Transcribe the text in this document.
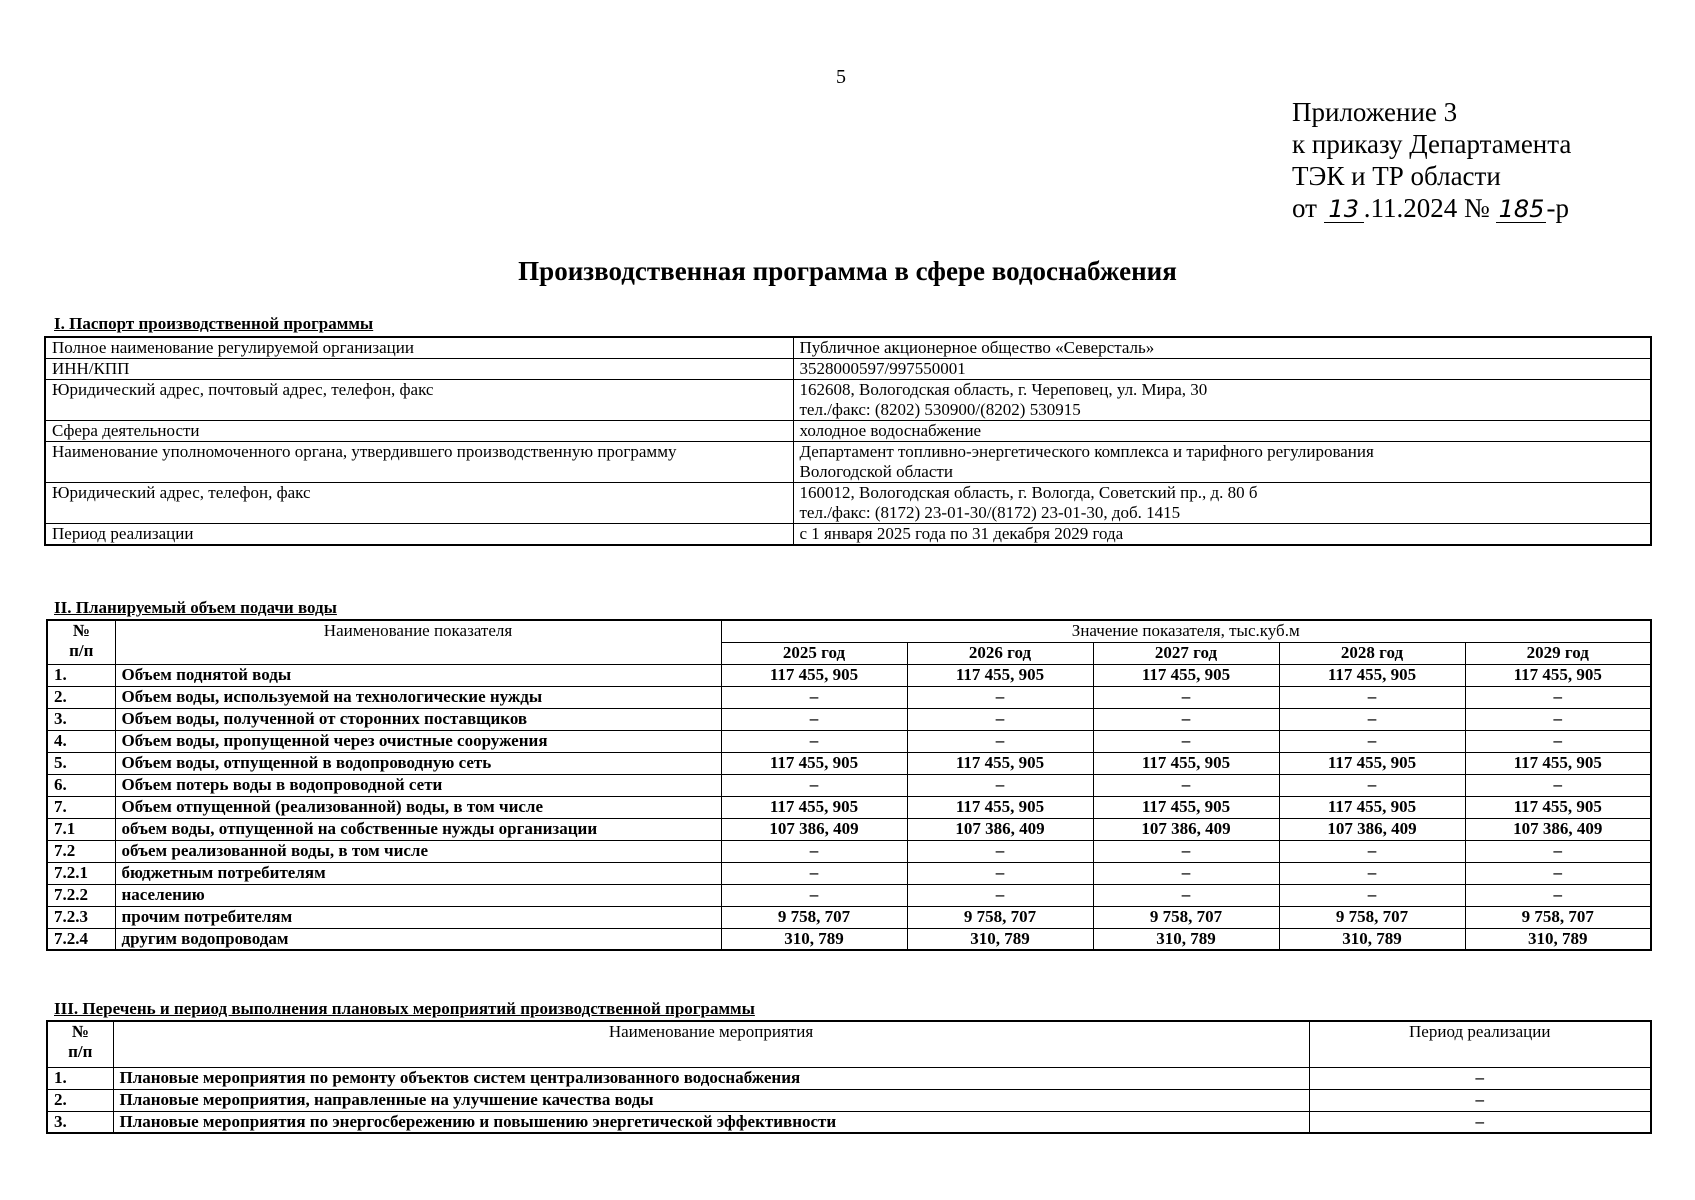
5
Приложение 3
к приказу Департамента
ТЭК и ТР области
от 13 .11.2024 № 185-р
Производственная программа в сфере водоснабжения
I. Паспорт производственной программы
Полное наименование регулируемой организации	Публичное акционерное общество «Северсталь»

ИНН/КПП	3528000597/997550001

Юридический адрес, почтовый адрес, телефон, факс	162608, Вологодская область, г. Череповец, ул. Мира, 30
тел./факс: (8202) 530900/(8202) 530915

Сфера деятельности	холодное водоснабжение

Наименование уполномоченного органа, утвердившего производственную программу	Департамент топливно-энергетического комплекса и тарифного регулирования
Вологодской области

Юридический адрес, телефон, факс	160012, Вологодская область, г. Вологда, Советский пр., д. 80 б
тел./факс: (8172) 23-01-30/(8172) 23-01-30, доб. 1415

Период реализации	с 1 января 2025 года по 31 декабря 2029 года
II. Планируемый объем подачи воды
№
п/п	Наименование показателя	Значение показателя, тыс.куб.м				
		2025 год	2026 год	2027 год	2028 год	2029 год
1.	Объем поднятой воды	117 455, 905	117 455, 905	117 455, 905	117 455, 905	117 455, 905
2.	Объем воды, используемой на технологические нужды	–	–	–	–	–
3.	Объем воды, полученной от сторонних поставщиков	–	–	–	–	–
4.	Объем воды, пропущенной через очистные сооружения	–	–	–	–	–
5.	Объем воды, отпущенной в водопроводную сеть	117 455, 905	117 455, 905	117 455, 905	117 455, 905	117 455, 905
6.	Объем потерь воды в водопроводной сети	–	–	–	–	–
7.	Объем отпущенной (реализованной) воды, в том числе	117 455, 905	117 455, 905	117 455, 905	117 455, 905	117 455, 905
7.1	объем воды, отпущенной на собственные нужды организации	107 386, 409	107 386, 409	107 386, 409	107 386, 409	107 386, 409
7.2	объем реализованной воды, в том числе	–	–	–	–	–
7.2.1	бюджетным потребителям	–	–	–	–	–
7.2.2	населению	–	–	–	–	–
7.2.3	прочим потребителям	9 758, 707	9 758, 707	9 758, 707	9 758, 707	9 758, 707
7.2.4	другим водопроводам	310, 789	310, 789	310, 789	310, 789	310, 789
III. Перечень и период выполнения плановых мероприятий производственной программы
№
п/п	Наименование мероприятия	Период реализации
1.	Плановые мероприятия по ремонту объектов систем централизованного водоснабжения	–
2.	Плановые мероприятия, направленные на улучшение качества воды	–
3.	Плановые мероприятия по энергосбережению и повышению энергетической эффективности	–
